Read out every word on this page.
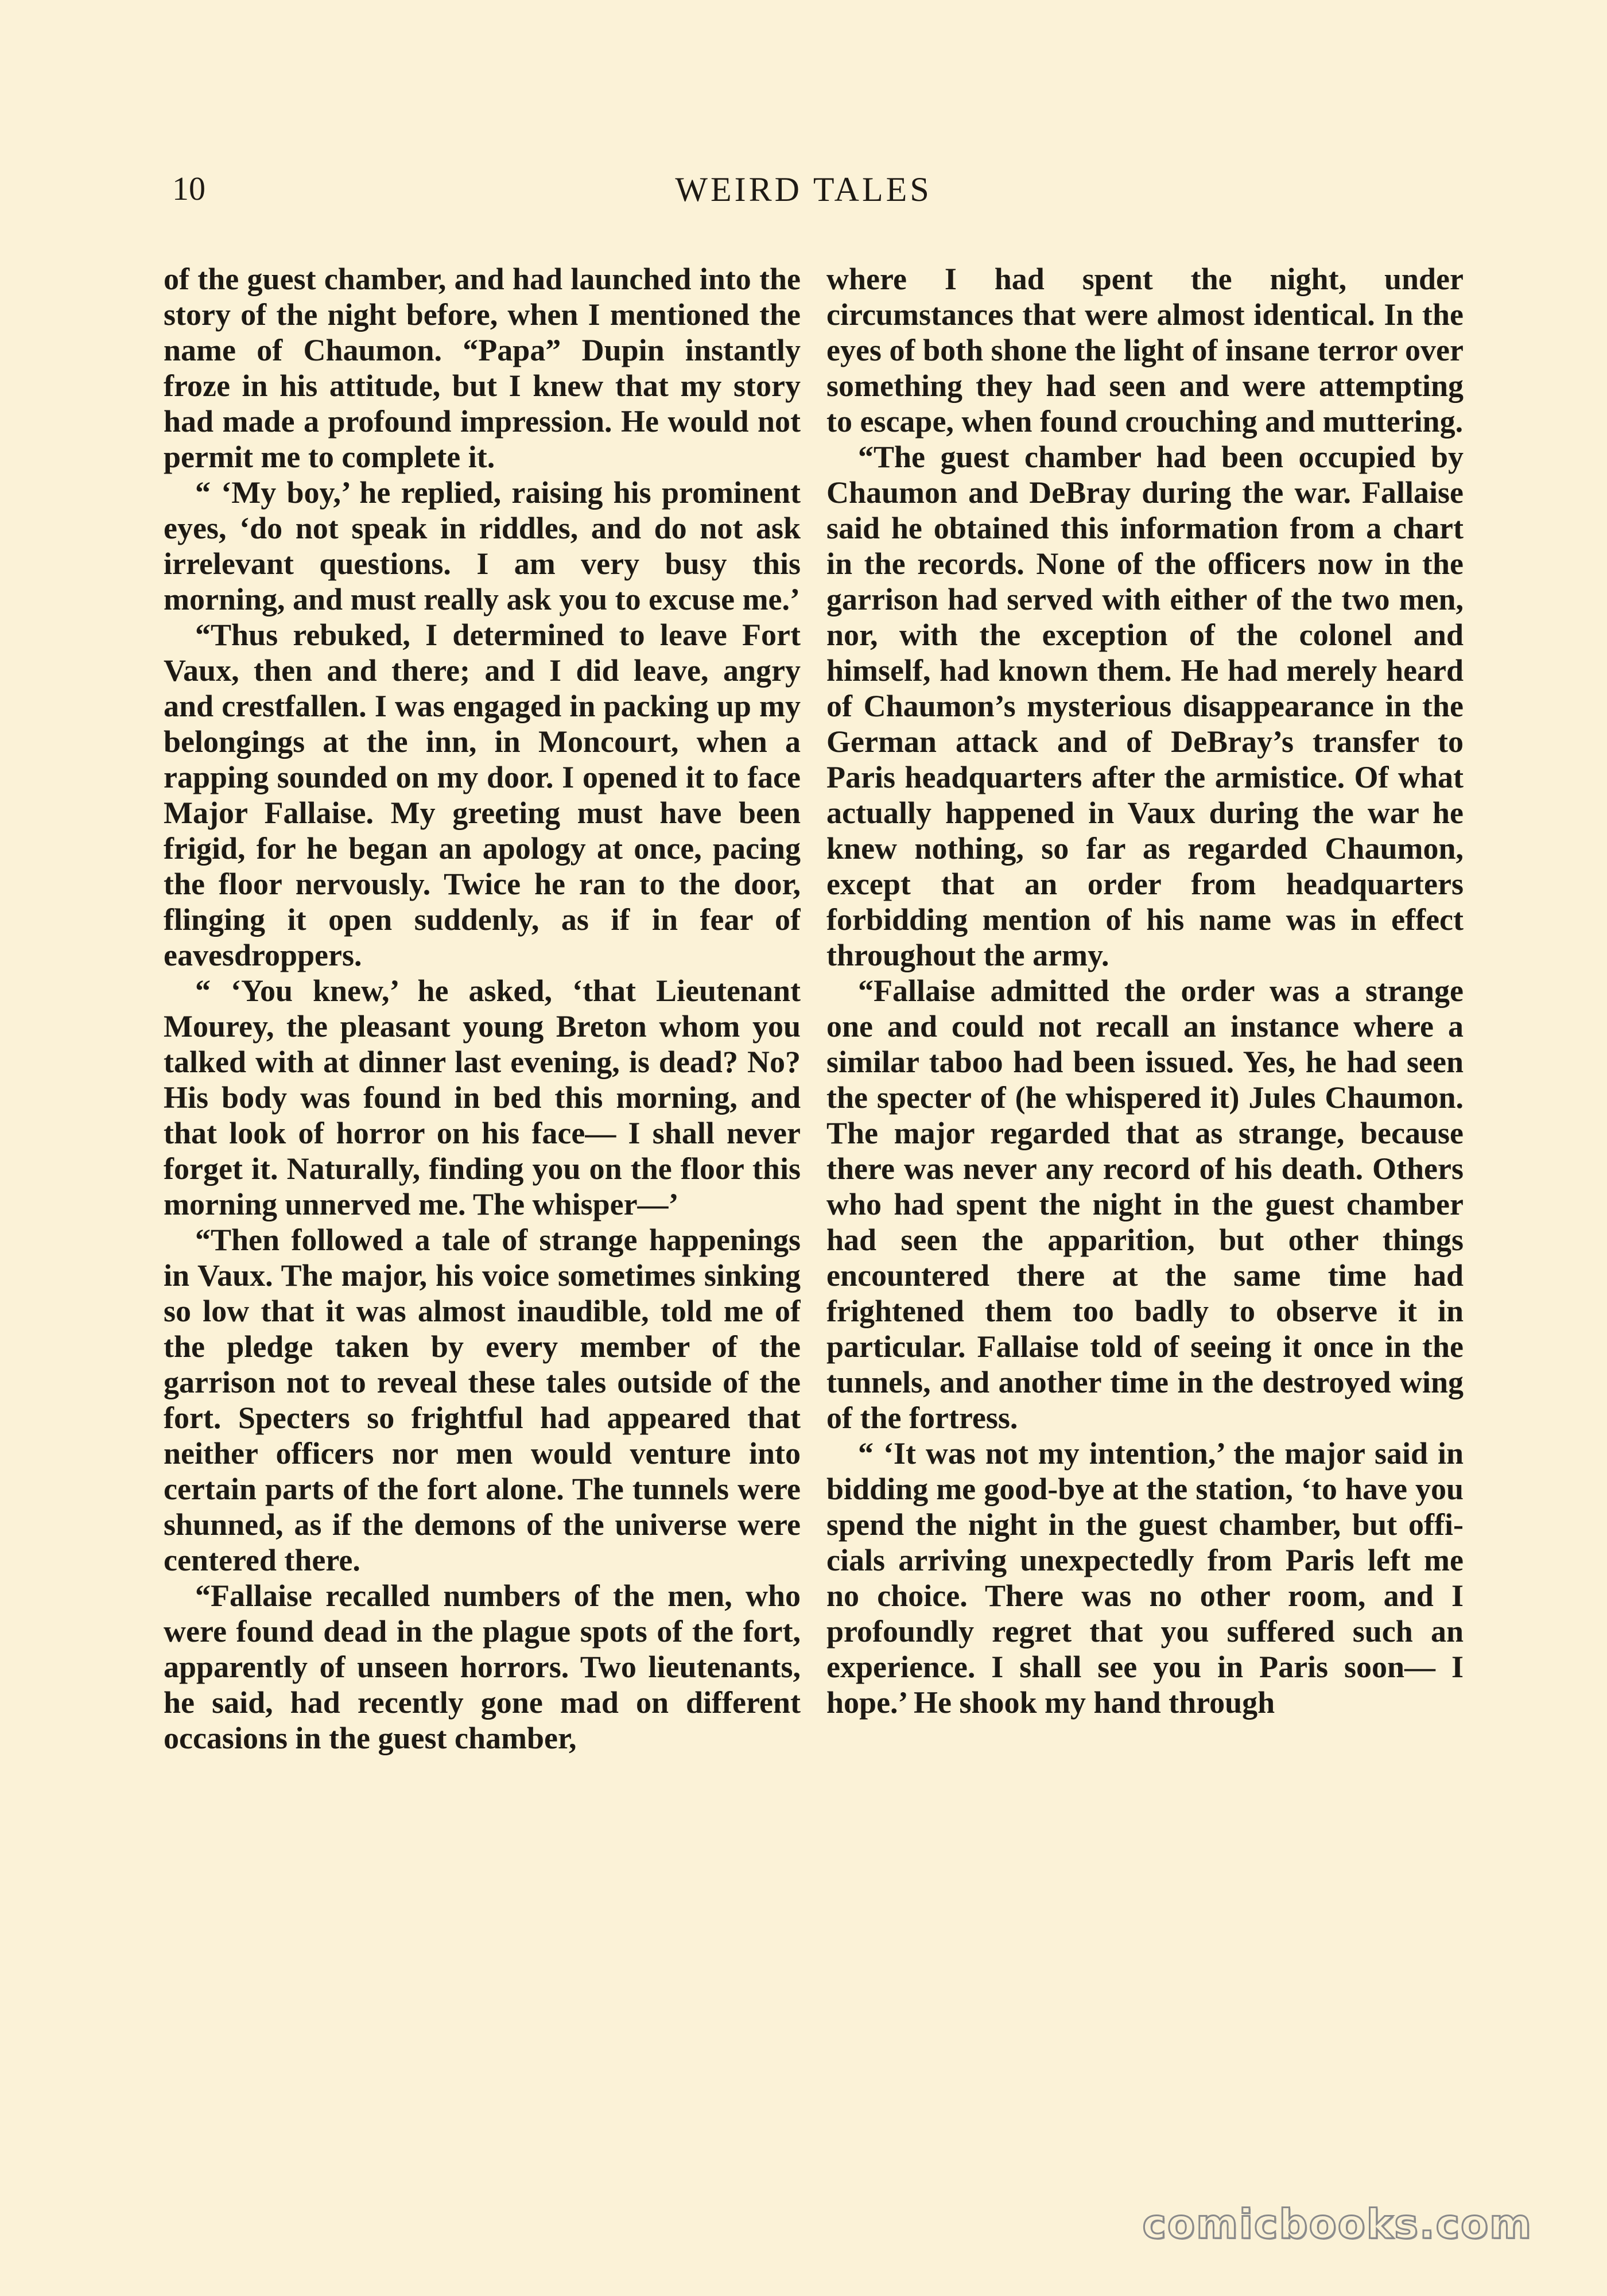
10	WEIRD TALES

of the guest chamber, and had launched into the story of the night before, when I mentioned the name of Chaumon. “Papa” Dupin instantly froze in his attitude, but I knew that my story had made a profound impression. He would not permit me to complete it.

“ ‘My boy,’ he replied, raising his prominent eyes, ‘do not speak in riddles, and do not ask irrelevant questions. I am very busy this morning, and must really ask you to excuse me.’

“Thus rebuked, I determined to leave Fort Vaux, then and there; and I did leave, angry and crestfallen. I was engaged in packing up my belongings at the inn, in Moncourt, when a rapping sounded on my door. I opened it to face Major Fallaise. My greeting must have been frigid, for he began an apology at once, pacing the floor nervously. Twice he ran to the door, flinging it open suddenly, as if in fear of eavesdroppers.

“ ‘You knew,’ he asked, ‘that Lieutenant Mourey, the pleasant young Breton whom you talked with at dinner last evening, is dead? No? His body was found in bed this morning, and that look of horror on his face— I shall never forget it. Naturally, finding you on the floor this morning unnerved me. The whisper—’

“Then followed a tale of strange happenings in Vaux. The major, his voice sometimes sinking so low that it was almost inaudible, told me of the pledge taken by every member of the garrison not to reveal these tales outside of the fort. Specters so frightful had appeared that neither officers nor men would venture into certain parts of the fort alone. The tunnels were shunned, as if the demons of the universe were centered there.

“Fallaise recalled numbers of the men, who were found dead in the plague spots of the fort, apparently of unseen horrors. Two lieutenants, he said, had recently gone mad on different occasions in the guest chamber,

where I had spent the night, under circumstances that were almost identical. In the eyes of both shone the light of insane terror over something they had seen and were attempting to escape, when found crouching and muttering.

“The guest chamber had been occupied by Chaumon and DeBray during the war. Fallaise said he obtained this information from a chart in the records. None of the officers now in the garrison had served with either of the two men, nor, with the exception of the colonel and himself, had known them. He had merely heard of Chaumon’s mysterious disappearance in the German attack and of DeBray’s transfer to Paris headquarters after the armistice. Of what actually happened in Vaux during the war he knew nothing, so far as regarded Chaumon, except that an order from headquarters forbidding mention of his name was in effect throughout the army.

“Fallaise admitted the order was a strange one and could not recall an instance where a similar taboo had been issued. Yes, he had seen the specter of (he whispered it) Jules Chaumon. The major regarded that as strange, because there was never any record of his death. Others who had spent the night in the guest chamber had seen the apparition, but other things encountered there at the same time had frightened them too badly to observe it in particular. Fallaise told of seeing it once in the tunnels, and another time in the destroyed wing of the fortress.

“ ‘It was not my intention,’ the major said in bidding me good-bye at the station, ‘to have you spend the night in the guest chamber, but officials arriving unexpectedly from Paris left me no choice. There was no other room, and I profoundly regret that you suffered such an experience. I shall see you in Paris soon— I hope.’ He shook my hand through

comicbooks.com
